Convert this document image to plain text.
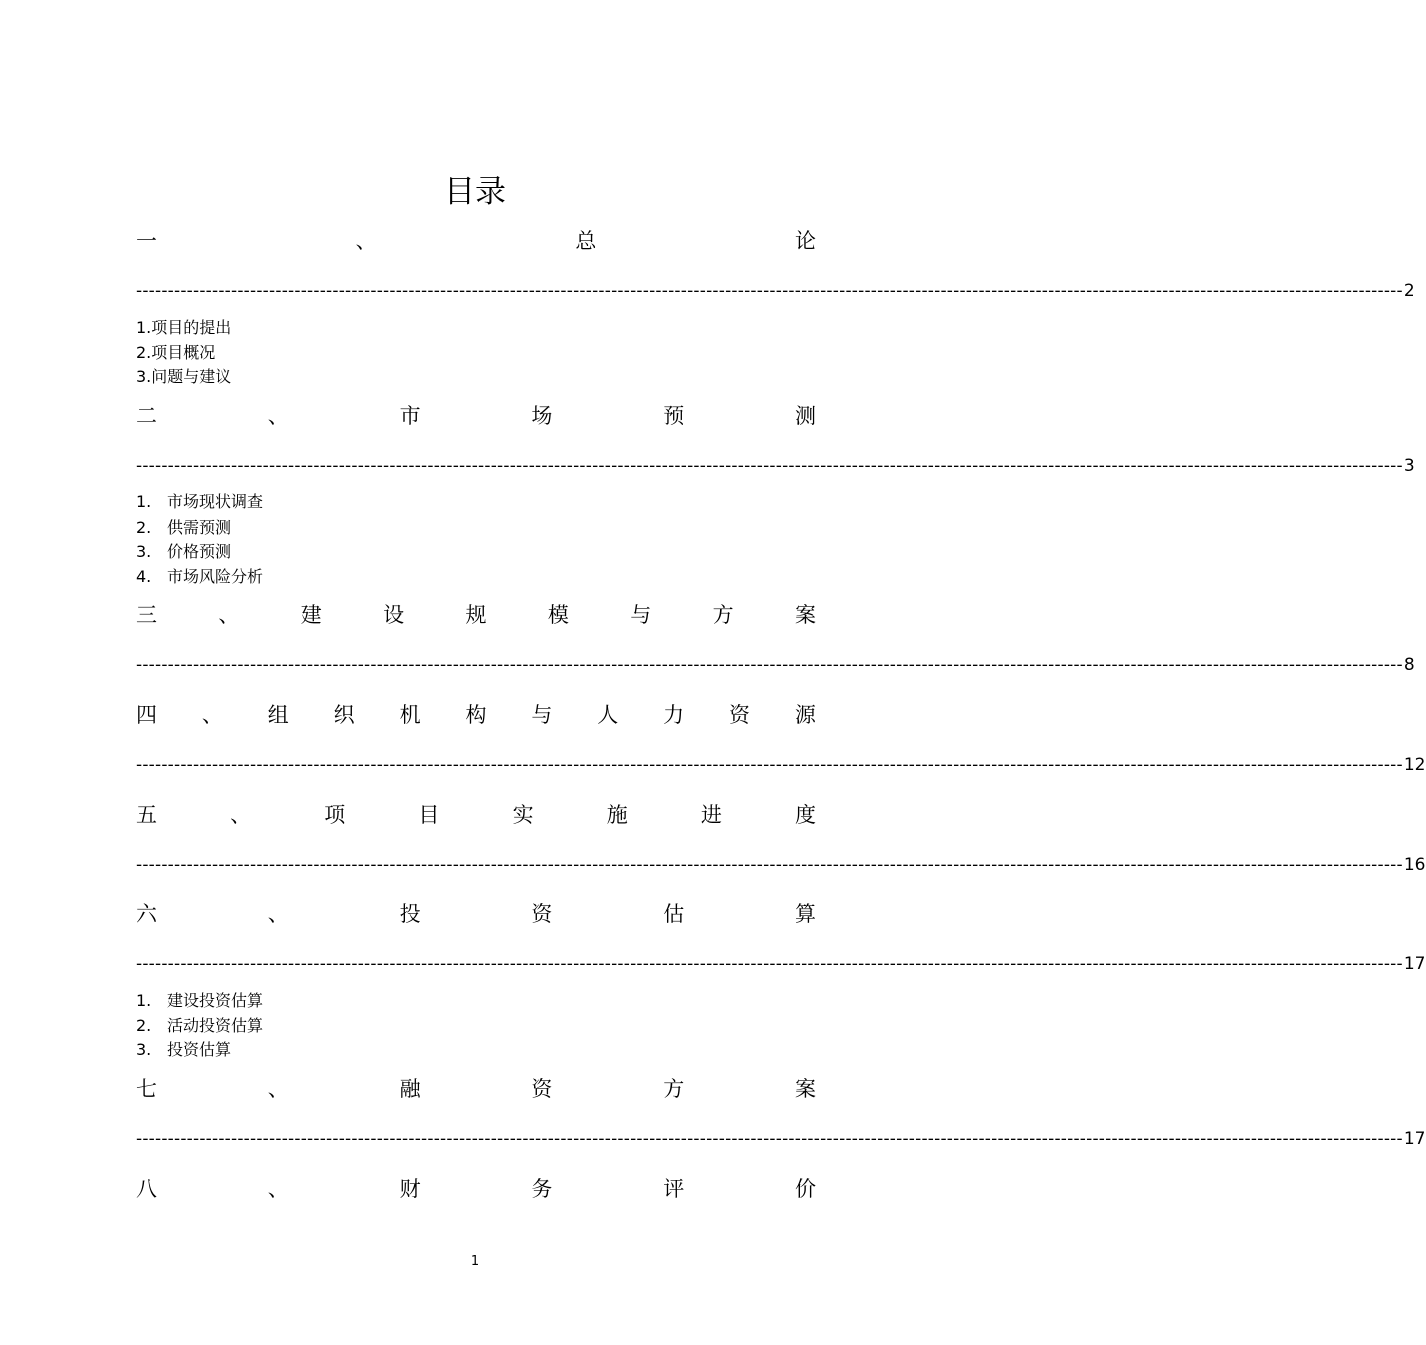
目录
一	、	总	论
-------------------------------------------------------------------------------------------------------------------------------------------------------------------------------------------------------- 2
1.项目的提出
2.项目概况
3.问题与建议
二	、	市	场	预	测
-------------------------------------------------------------------------------------------------------------------------------------------------------------------------------------------------------- 3
1. 市场现状调查
2. 供需预测
3. 价格预测
4. 市场风险分析
三	、	建	设	规	模	与	方	案
-------------------------------------------------------------------------------------------------------------------------------------------------------------------------------------------------------- 8
四 、 组 织 机 构 与 人 力 资 源
-------------------------------------------------------------------------------------------------------------------------------------------------------------------------------------------------------- 12
五	、	项	目	实	施	进	度
-------------------------------------------------------------------------------------------------------------------------------------------------------------------------------------------------------- 16
六	、	投	资	估	算
-------------------------------------------------------------------------------------------------------------------------------------------------------------------------------------------------------- 17
1. 建设投资估算
2. 活动投资估算
3. 投资估算
七	、	融	资	方	案
-------------------------------------------------------------------------------------------------------------------------------------------------------------------------------------------------------- 17
八	、	财	务	评	价
1
